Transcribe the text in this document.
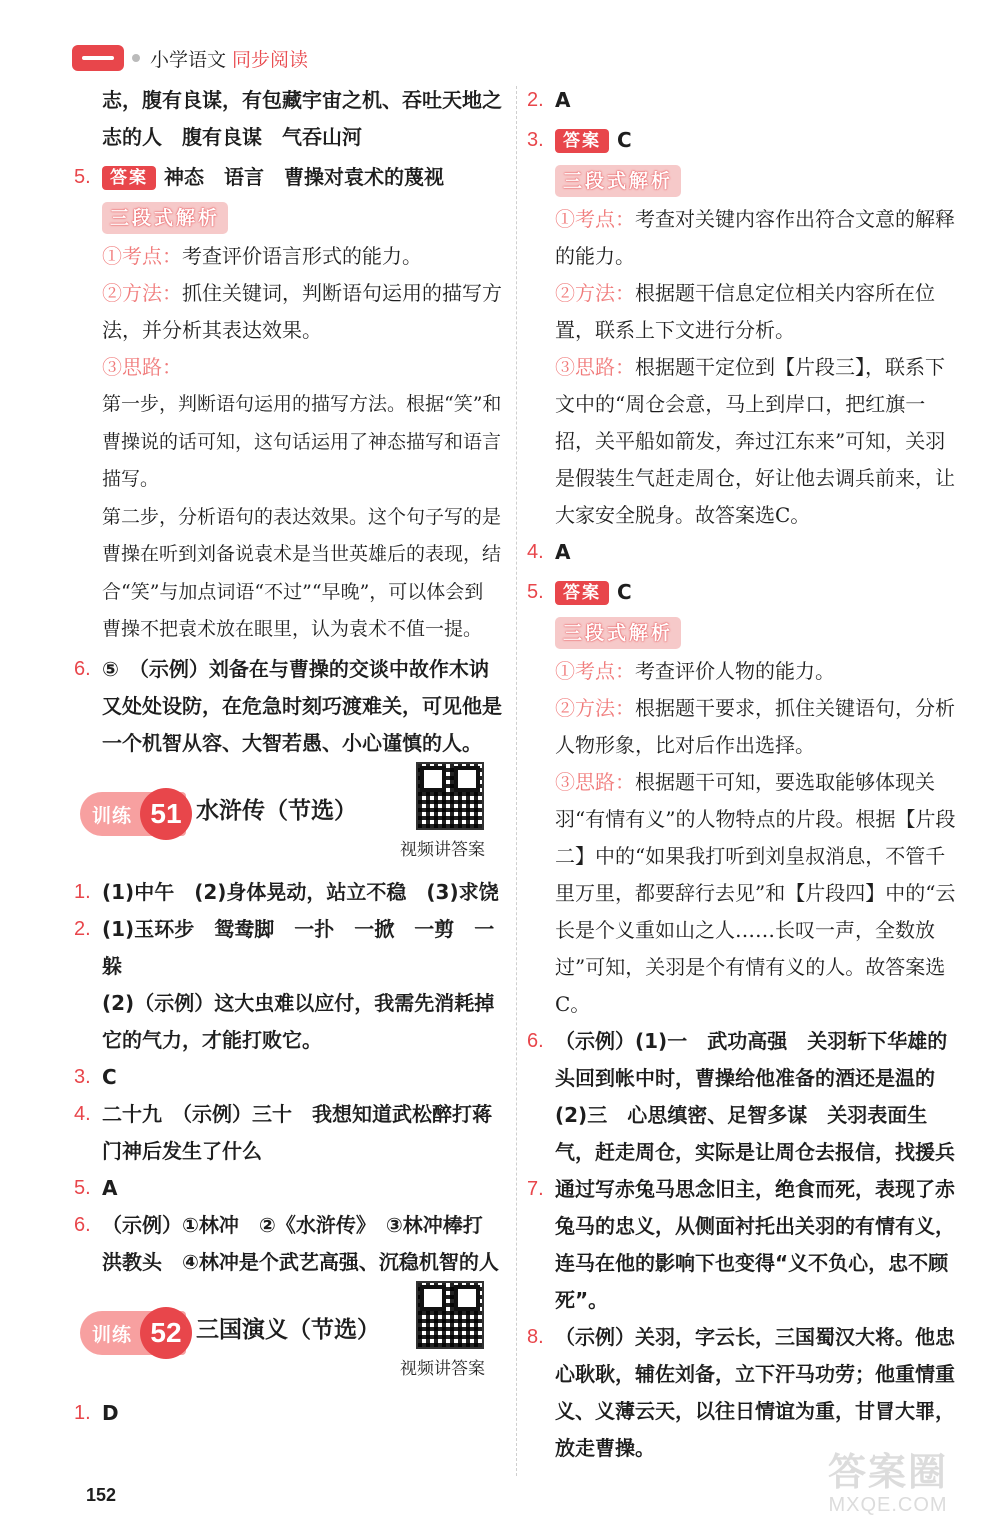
小学语文 同步阅读
志，腹有良谋，有包藏宇宙之机、吞吐天地之志的人　腹有良谋　气吞山河
5. 答案 神态　语言　曹操对袁术的蔑视
三段式解析
①考点：考查评价语言形式的能力。
②方法：抓住关键词，判断语句运用的描写方法，并分析其表达效果。
③思路：
第一步，判断语句运用的描写方法。根据“笑”和曹操说的话可知，这句话运用了神态描写和语言描写。
第二步，分析语句的表达效果。这个句子写的是曹操在听到刘备说袁术是当世英雄后的表现，结合“笑”与加点词语“不过”“早晚”，可以体会到曹操不把袁术放在眼里，认为袁术不值一提。
6. ⑤　（示例）刘备在与曹操的交谈中故作木讷又处处设防，在危急时刻巧渡难关，可见他是一个机智从容、大智若愚、小心谨慎的人。
训练 51 水浒传（节选）
视频讲答案
1. (1)中午　(2)身体晃动，站立不稳　(3)求饶
2. (1)玉环步　鸳鸯脚　一扑　一掀　一剪　一躲
(2)（示例）这大虫难以应付，我需先消耗掉它的气力，才能打败它。
3. C
4. 二十九　（示例）三十　我想知道武松醉打蒋门神后发生了什么
5. A
6. （示例）①林冲　②《水浒传》　③林冲棒打洪教头　④林冲是个武艺高强、沉稳机智的人
训练 52 三国演义（节选）
视频讲答案
1. D
2. A
3. 答案 C
三段式解析
①考点：考查对关键内容作出符合文意的解释的能力。
②方法：根据题干信息定位相关内容所在位置，联系上下文进行分析。
③思路：根据题干定位到【片段三】，联系下文中的“周仓会意，马上到岸口，把红旗一招，关平船如箭发，奔过江东来”可知，关羽是假装生气赶走周仓，好让他去调兵前来，让大家安全脱身。故答案选C。
4. A
5. 答案 C
三段式解析
①考点：考查评价人物的能力。
②方法：根据题干要求，抓住关键语句，分析人物形象，比对后作出选择。
③思路：根据题干可知，要选取能够体现关羽“有情有义”的人物特点的片段。根据【片段二】中的“如果我打听到刘皇叔消息，不管千里万里，都要辞行去见”和【片段四】中的“云长是个义重如山之人……长叹一声，全数放过”可知，关羽是个有情有义的人。故答案选C。
6. （示例）(1)一　武功高强　关羽斩下华雄的头回到帐中时，曹操给他准备的酒还是温的
(2)三　心思缜密、足智多谋　关羽表面生气，赶走周仓，实际是让周仓去报信，找援兵
7. 通过写赤兔马思念旧主，绝食而死，表现了赤兔马的忠义，从侧面衬托出关羽的有情有义，连马在他的影响下也变得“义不负心，忠不顾死”。
8. （示例）关羽，字云长，三国蜀汉大将。他忠心耿耿，辅佐刘备，立下汗马功劳；他重情重义、义薄云天，以往日情谊为重，甘冒大罪，放走曹操。
152
答案圈
MXQE.COM
